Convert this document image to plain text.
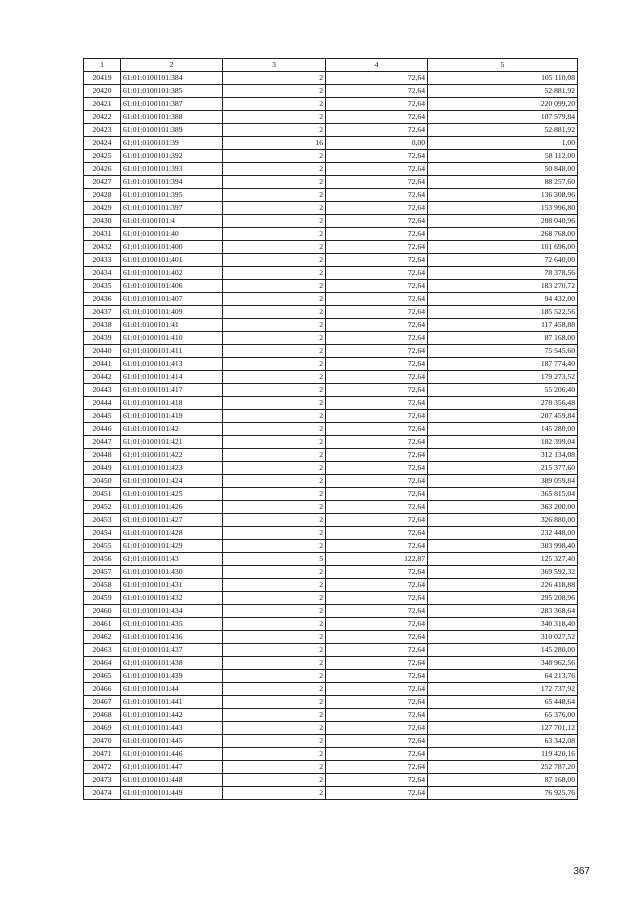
1	2	3	4	5
20419	61:01:0100101:384	2	72,64	105 110,08
20420	61:01:0100101:385	2	72,64	52 881,92
20421	61:01:0100101:387	2	72,64	220 099,20
20422	61:01:0100101:388	2	72,64	107 579,84
20423	61:01:0100101:389	2	72,64	52 881,92
20424	61:01:0100101:39	16	0,00	1,00
20425	61:01:0100101:392	2	72,64	58 112,00
20426	61:01:0100101:393	2	72,64	50 848,00
20427	61:01:0100101:394	2	72,64	88 257,60
20428	61:01:0100101:395	2	72,64	136 308,96
20429	61:01:0100101:397	2	72,64	153 996,80
20430	61:01:0100101:4	2	72,64	208 040,96
20431	61:01:0100101:40	2	72,64	268 768,00
20432	61:01:0100101:400	2	72,64	101 696,00
20433	61:01:0100101:401	2	72,64	72 640,00
20434	61:01:0100101:402	2	72,64	78 378,56
20435	61:01:0100101:406	2	72,64	183 270,72
20436	61:01:0100101:407	2	72,64	94 432,00
20437	61:01:0100101:409	2	72,64	185 522,56
20438	61:01:0100101:41	2	72,64	117 458,88
20439	61:01:0100101:410	2	72,64	87 168,00
20440	61:01:0100101:411	2	72,64	75 545,60
20441	61:01:0100101:413	2	72,64	187 774,40
20442	61:01:0100101:414	2	72,64	179 273,52
20443	61:01:0100101:417	2	72,64	55 206,40
20444	61:01:0100101:418	2	72,64	278 356,48
20445	61:01:0100101:419	2	72,64	207 459,84
20446	61:01:0100101:42	2	72,64	145 280,00
20447	61:01:0100101:421	2	72,64	182 399,04
20448	61:01:0100101:422	2	72,64	312 134,08
20449	61:01:0100101:423	2	72,64	215 377,60
20450	61:01:0100101:424	2	72,64	389 059,84
20451	61:01:0100101:425	2	72,64	365 815,04
20452	61:01:0100101:426	2	72,64	363 200,00
20453	61:01:0100101:427	2	72,64	326 880,00
20454	61:01:0100101:428	2	72,64	232 448,00
20455	61:01:0100101:429	2	72,64	303 998,40
20456	61:01:0100101:43	5	122,87	125 327,40
20457	61:01:0100101:430	2	72,64	369 592,32
20458	61:01:0100101:431	2	72,64	226 418,88
20459	61:01:0100101:432	2	72,64	295 208,96
20460	61:01:0100101:434	2	72,64	283 368,64
20461	61:01:0100101:435	2	72,64	340 318,40
20462	61:01:0100101:436	2	72,64	310 027,52
20463	61:01:0100101:437	2	72,64	145 280,00
20464	61:01:0100101:438	2	72,64	348 962,56
20465	61:01:0100101:439	2	72,64	64 213,76
20466	61:01:0100101:44	2	72,64	172 737,92
20467	61:01:0100101:441	2	72,64	65 448,64
20468	61:01:0100101:442	2	72,64	65 376,00
20469	61:01:0100101:443	2	72,64	127 701,12
20470	61:01:0100101:445	2	72,64	63 342,08
20471	61:01:0100101:446	2	72,64	119 420,16
20472	61:01:0100101:447	2	72,64	252 787,20
20473	61:01:0100101:448	2	72,64	87 168,00
20474	61:01:0100101:449	2	72,64	76 925,76
367
